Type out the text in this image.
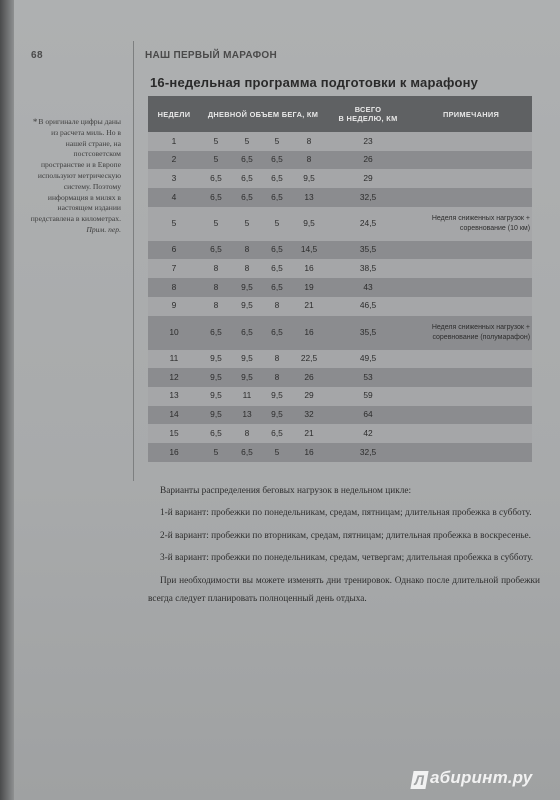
68	НАШ ПЕРВЫЙ МАРАФОН
*В оригинале цифры даны из расчета миль. Но в нашей стране, на постсоветском пространстве и в Европе используют метрическую систему. Поэтому информация в милях в настоящем издании представлена в километрах. Прим. пер.
16-недельная программа подготовки к марафону
НЕДЕЛИ	ДНЕВНОЙ ОБЪЕМ БЕГА, КМ				ВСЕГО
В НЕДЕЛЮ, КМ	ПРИМЕЧАНИЯ
1	5	5	5	8	23	
2	5	6,5	6,5	8	26	
3	6,5	6,5	6,5	9,5	29	
4	6,5	6,5	6,5	13	32,5	
5	5	5	5	9,5	24,5	Неделя сниженных нагрузок +
соревнование (10 км)
6	6,5	8	6,5	14,5	35,5	
7	8	8	6,5	16	38,5	
8	8	9,5	6,5	19	43	
9	8	9,5	8	21	46,5	
10	6,5	6,5	6,5	16	35,5	Неделя сниженных нагрузок +
соревнование (полумарафон)
11	9,5	9,5	8	22,5	49,5	
12	9,5	9,5	8	26	53	
13	9,5	11	9,5	29	59	
14	9,5	13	9,5	32	64	
15	6,5	8	6,5	21	42	
16	5	6,5	5	16	32,5	

Варианты распределения беговых нагрузок в недельном цикле:

1-й вариант: пробежки по понедельникам, средам, пятницам; длительная пробежка в субботу.

2-й вариант: пробежки по вторникам, средам, пятницам; длительная пробежка в воскресенье.

3-й вариант: пробежки по понедельникам, средам, четвергам; длительная пробежка в субботу.

При необходимости вы можете изменять дни тренировок. Однако после длительной пробежки всегда следует планировать полноценный день отдыха.

Л абиринт.ру
